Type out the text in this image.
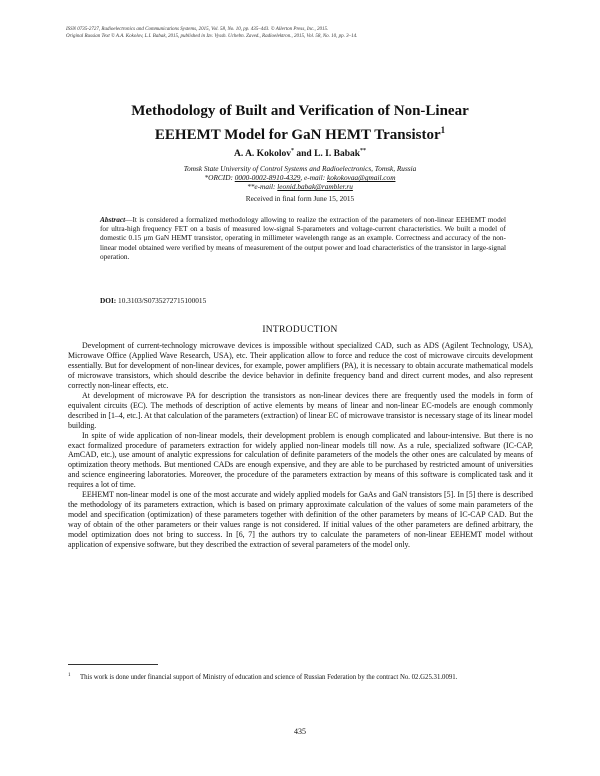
ISSN 0735-2727, Radioelectronics and Communications Systems, 2015, Vol. 58, No. 10, pp. 435–443. © Allerton Press, Inc., 2015.
Original Russian Text © A.A. Kokolov, L.I. Babak, 2015, published in Izv. Vyssh. Uchebn. Zaved., Radioelektron., 2015, Vol. 58, No. 10, pp. 3–14.
Methodology of Built and Verification of Non-Linear
EEHEMT Model for GaN HEMT Transistor$^1$
A. A. Kokolov* and L. I. Babak**
Tomsk State University of Control Systems and Radioelectronics, Tomsk, Russia
*ORCID: 0000-0002-8910-4329, e-mail: kokokovaa@gmail.com
**e-mail: leonid.babak@rambler.ru
Received in final form June 15, 2015
Abstract—It is considered a formalized methodology allowing to realize the extraction of the parameters of non-linear EEHEMT model for ultra-high frequency FET on a basis of measured low-signal S-parameters and voltage-current characteristics. We built a model of domestic 0.15 μm GaN HEMT transistor, operating in millimeter wavelength range as an example. Correctness and accuracy of the non-linear model obtained were verified by means of measurement of the output power and load characteristics of the transistor in large-signal operation.
DOI: 10.3103/S0735272715100015
INTRODUCTION

Development of current-technology microwave devices is impossible without specialized CAD, such as ADS (Agilent Technology, USA), Microwave Office (Applied Wave Research, USA), etc. Their application allow to force and reduce the cost of microwave circuits development essentially. But for development of non-linear devices, for example, power amplifiers (PA), it is necessary to obtain accurate mathematical models of microwave transistors, which should describe the device behavior in definite frequency band and direct current modes, and also represent correctly non-linear effects, etc.

At development of microwave PA for description the transistors as non-linear devices there are frequently used the models in form of equivalent circuits (EC). The methods of description of active elements by means of linear and non-linear EC-models are enough commonly described in [1–4, etc.]. At that calculation of the parameters (extraction) of linear EC of microwave transistor is necessary stage of its linear model building.

In spite of wide application of non-linear models, their development problem is enough complicated and labour-intensive. But there is no exact formalized procedure of parameters extraction for widely applied non-linear models till now. As a rule, specialized software (IC-CAP, AmCAD, etc.), use amount of analytic expressions for calculation of definite parameters of the models the other ones are calculated by means of optimization theory methods. But mentioned CADs are enough expensive, and they are able to be purchased by restricted amount of universities and science engineering laboratories. Moreover, the procedure of the parameters extraction by means of this software is complicated task and it requires a lot of time.

EEHEMT non-linear model is one of the most accurate and widely applied models for GaAs and GaN transistors [5]. In [5] there is described the methodology of its parameters extraction, which is based on primary approximate calculation of the values of some main parameters of the model and specification (optimization) of these parameters together with definition of the other parameters by means of IC-CAP CAD. But the way of obtain of the other parameters or their values range is not considered. If initial values of the other parameters are defined arbitrary, the model optimization does not bring to success. In [6, 7] the authors try to calculate the parameters of non-linear EEHEMT model without application of expensive software, but they described the extraction of several parameters of the model only.

1 This work is done under financial support of Ministry of education and science of Russian Federation by the contract No. 02.G25.31.0091.
435
